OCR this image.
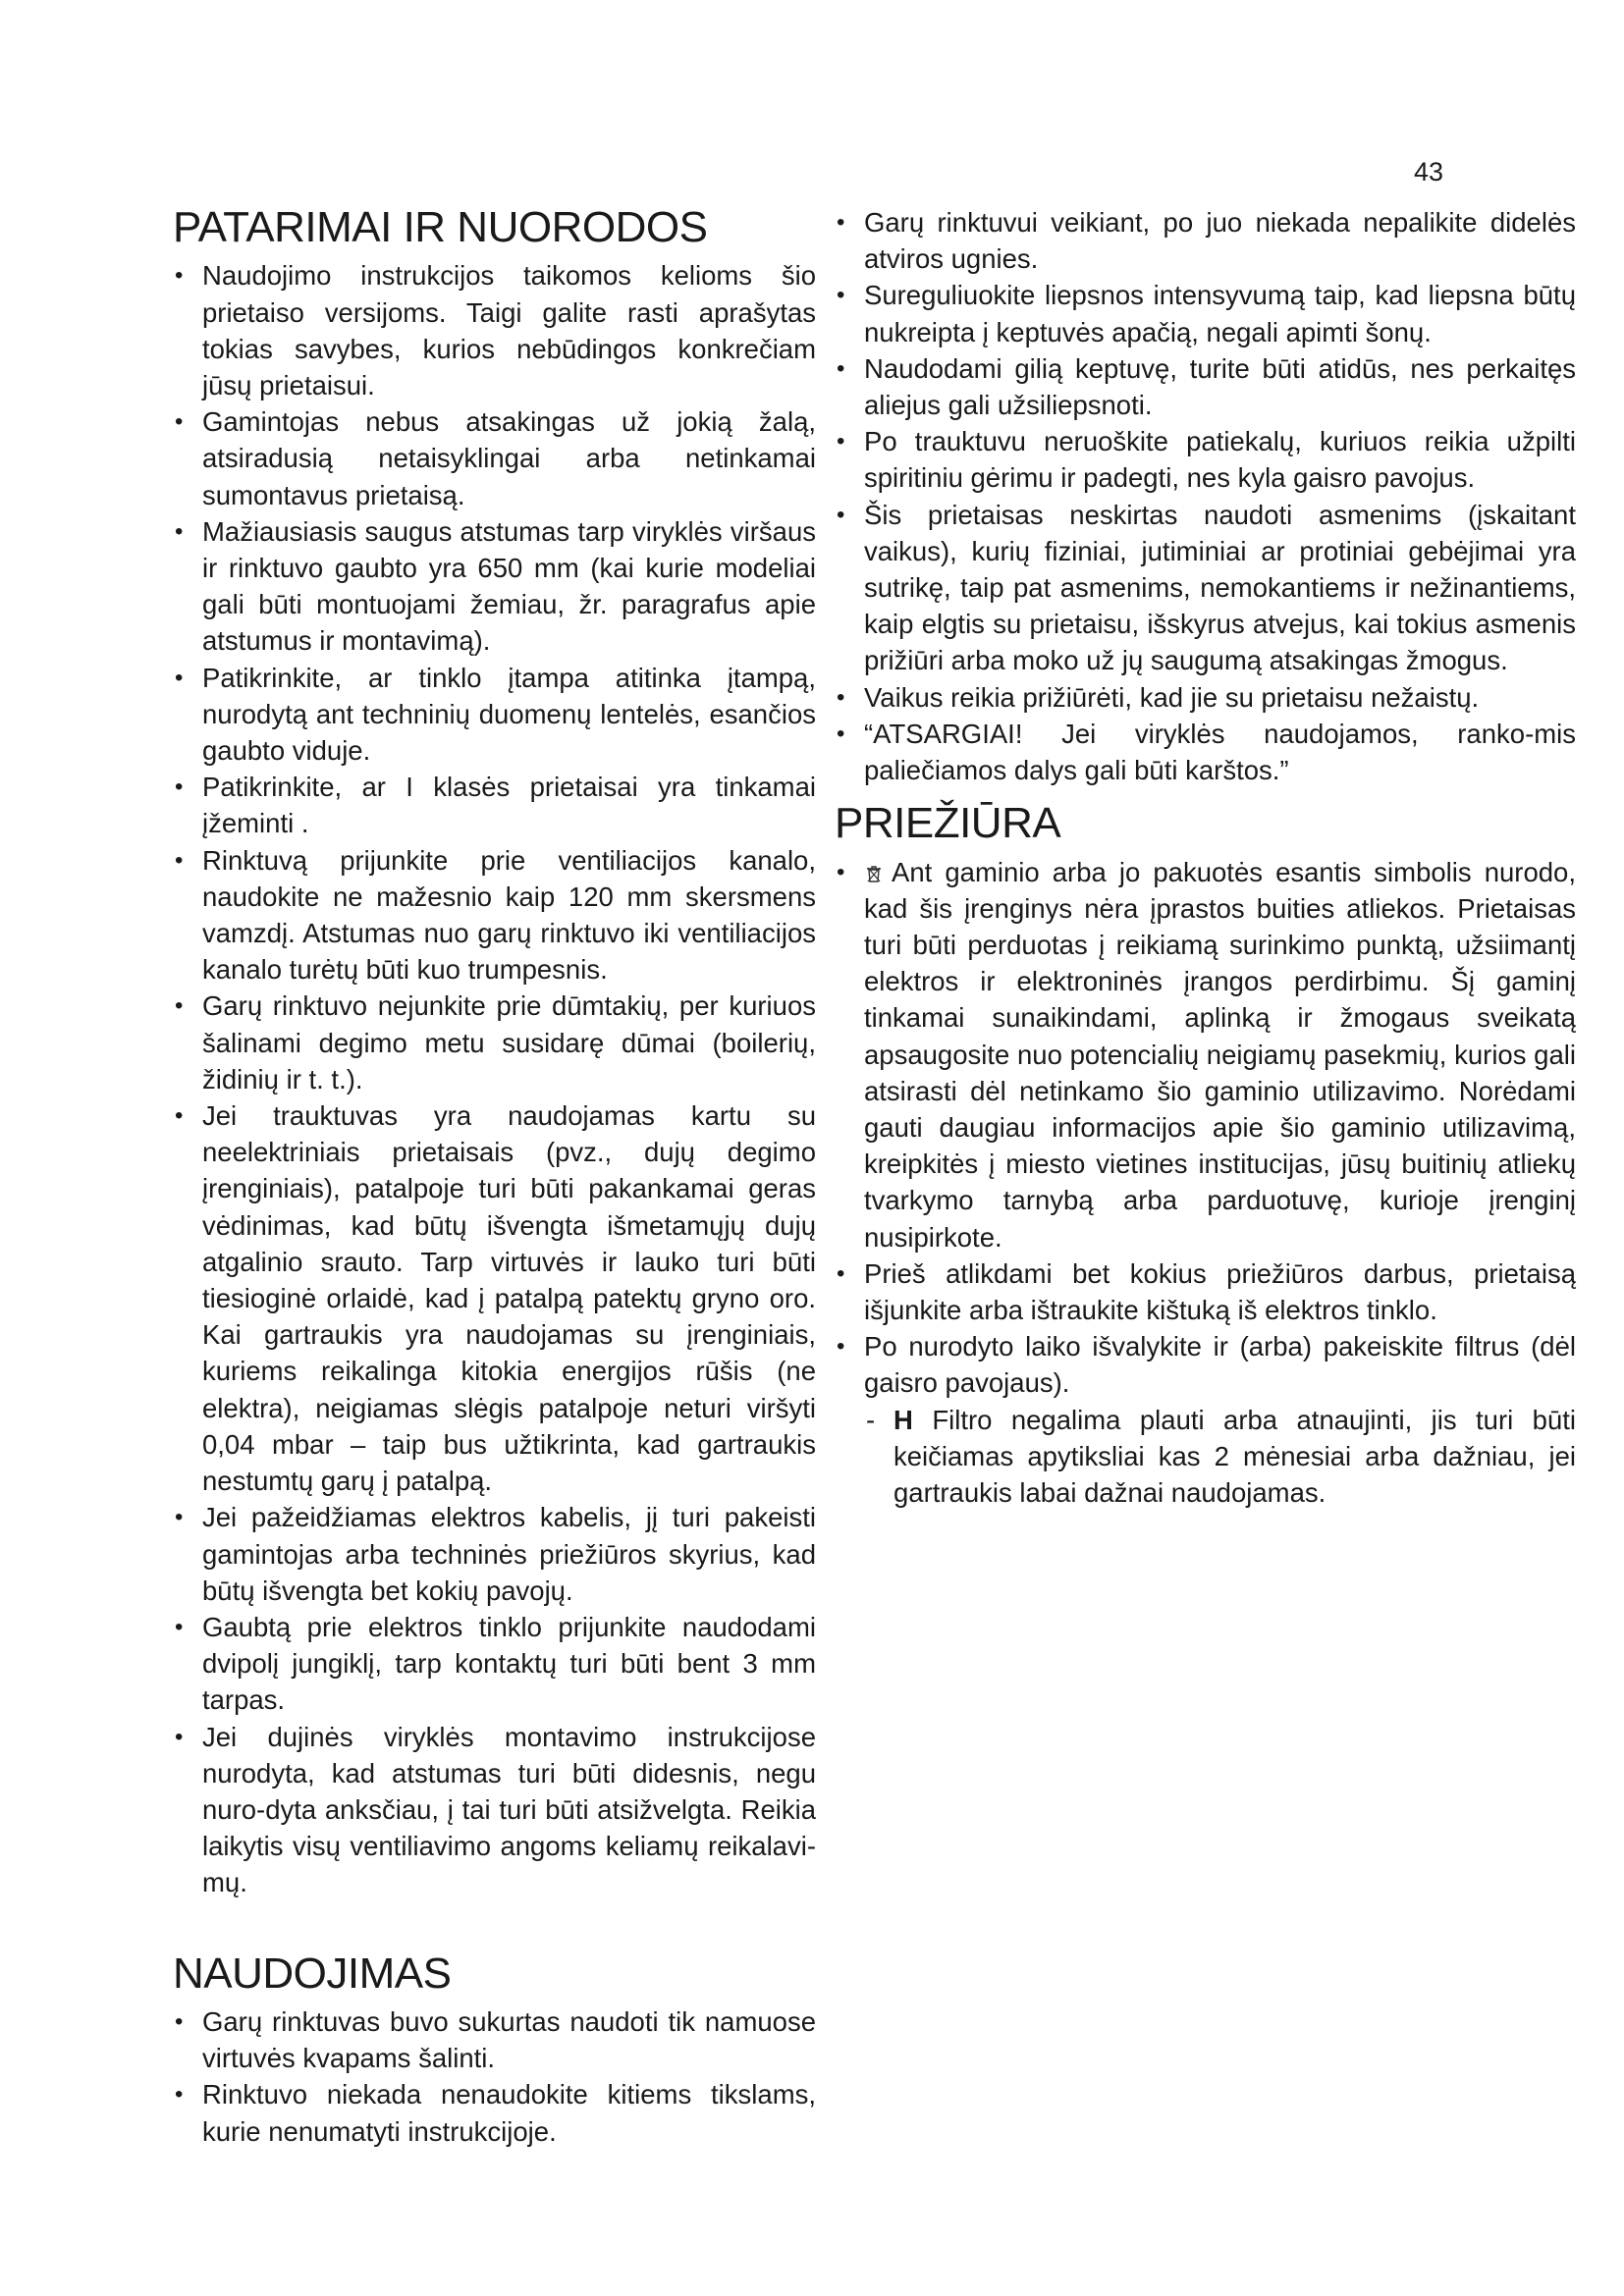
43
PATARIMAI IR NUORODOS
• Naudojimo instrukcijos taikomos kelioms šio prietaiso versijoms. Taigi galite rasti aprašytas tokias savybes, kurios nebūdingos konkrečiam jūsų prietaisui.
• Gamintojas nebus atsakingas už jokią žalą, atsiradusią netaisyklingai arba netinkamai sumontavus prietaisą.
• Mažiausiasis saugus atstumas tarp viryklės viršaus ir rinktuvo gaubto yra 650 mm (kai kurie modeliai gali būti montuojami žemiau, žr. paragrafus apie atstumus ir montavimą).
• Patikrinkite, ar tinklo įtampa atitinka įtampą, nurodytą ant techninių duomenų lentelės, esančios gaubto viduje.
• Patikrinkite, ar I klasės prietaisai yra tinkamai įžeminti .
• Rinktuvą prijunkite prie ventiliacijos kanalo, naudokite ne mažesnio kaip 120 mm skersmens vamzdį. Atstumas nuo garų rinktuvo iki ventiliacijos kanalo turėtų būti kuo trumpesnis.
• Garų rinktuvo nejunkite prie dūmtakių, per kuriuos šalinami degimo metu susidarę dūmai (boilerių, židinių ir t. t.).
• Jei trauktuvas yra naudojamas kartu su neelektriniais prietaisais (pvz., dujų degimo įrenginiais), patalpoje turi būti pakankamai geras vėdinimas, kad būtų išvengta išmetamųjų dujų atgalinio srauto. Tarp virtuvės ir lauko turi būti tiesioginė orlaidė, kad į patalpą patektų gryno oro. Kai gartraukis yra naudojamas su įrenginiais, kuriems reikalinga kitokia energijos rūšis (ne elektra), neigiamas slėgis patalpoje neturi viršyti 0,04 mbar – taip bus užtikrinta, kad gartraukis nestumtų garų į patalpą.
• Jei pažeidžiamas elektros kabelis, jį turi pakeisti gamintojas arba techninės priežiūros skyrius, kad būtų išvengta bet kokių pavojų.
• Gaubtą prie elektros tinklo prijunkite naudodami dvipolį jungiklį, tarp kontaktų turi būti bent 3 mm tarpas.
• Jei dujinės viryklės montavimo instrukcijose nurodyta, kad atstumas turi būti didesnis, negu nuro-dyta anksčiau, į tai turi būti atsižvelgta. Reikia laikytis visų ventiliavimo angoms keliamų reikalavi-mų.
NAUDOJIMAS
• Garų rinktuvas buvo sukurtas naudoti tik namuose virtuvės kvapams šalinti.
• Rinktuvo niekada nenaudokite kitiems tikslams, kurie nenumatyti instrukcijoje.
• Garų rinktuvui veikiant, po juo niekada nepalikite didelės atviros ugnies.
• Sureguliuokite liepsnos intensyvumą taip, kad liepsna būtų nukreipta į keptuvės apačią, negali apimti šonų.
• Naudodami gilią keptuvę, turite būti atidūs, nes perkaitęs aliejus gali užsiliepsnoti.
• Po trauktuvu neruoškite patiekalų, kuriuos reikia užpilti spiritiniu gėrimu ir padegti, nes kyla gaisro pavojus.
• Šis prietaisas neskirtas naudoti asmenims (įskaitant vaikus), kurių fiziniai, jutiminiai ar protiniai gebėjimai yra sutrikę, taip pat asmenims, nemokantiems ir nežinantiems, kaip elgtis su prietaisu, išskyrus atvejus, kai tokius asmenis prižiūri arba moko už jų saugumą atsakingas žmogus.
• Vaikus reikia prižiūrėti, kad jie su prietaisu nežaistų.
• “ATSARGIAI! Jei viryklės naudojamos, ranko-mis paliečiamos dalys gali būti karštos.”
PRIEŽIŪRA
• Ant gaminio arba jo pakuotės esantis simbolis nurodo, kad šis įrenginys nėra įprastos buities atliekos. Prietaisas turi būti perduotas į reikiamą surinkimo punktą, užsiimantį elektros ir elektroninės įrangos perdirbimu. Šį gaminį tinkamai sunaikindami, aplinką ir žmogaus sveikatą apsaugosite nuo potencialių neigiamų pasekmių, kurios gali atsirasti dėl netinkamo šio gaminio utilizavimo. Norėdami gauti daugiau informacijos apie šio gaminio utilizavimą, kreipkitės į miesto vietines institucijas, jūsų buitinių atliekų tvarkymo tarnybą arba parduotuvę, kurioje įrenginį nusipirkote.
• Prieš atlikdami bet kokius priežiūros darbus, prietaisą išjunkite arba ištraukite kištuką iš elektros tinklo.
• Po nurodyto laiko išvalykite ir (arba) pakeiskite filtrus (dėl gaisro pavojaus).
- H Filtro negalima plauti arba atnaujinti, jis turi būti keičiamas apytiksliai kas 2 mėnesiai arba dažniau, jei gartraukis labai dažnai naudojamas.
